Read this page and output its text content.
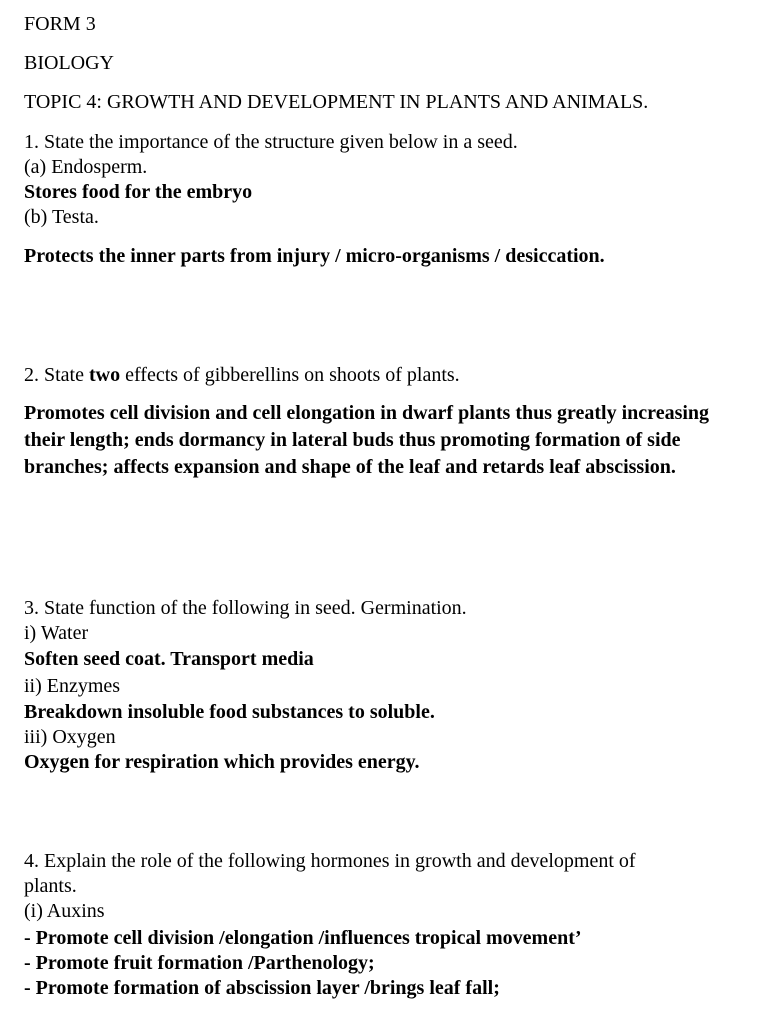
FORM 3
BIOLOGY
TOPIC 4: GROWTH AND DEVELOPMENT IN PLANTS AND ANIMALS.
1. State the importance of the structure given below in a seed.
(a) Endosperm.
Stores food for the embryo
(b) Testa.
Protects the inner parts from injury / micro-organisms / desiccation.
2. State two effects of gibberellins on shoots of plants.
Promotes cell division and cell elongation in dwarf plants thus greatly increasing their length; ends dormancy in lateral buds thus promoting formation of side branches; affects expansion and shape of the leaf and retards leaf abscission.
3. State function of the following in seed. Germination.
i) Water
Soften seed coat. Transport media
ii) Enzymes
Breakdown insoluble food substances to soluble.
iii) Oxygen
Oxygen for respiration which provides energy.
4. Explain the role of the following hormones in growth and development of
plants.
(i) Auxins
- Promote cell division /elongation /influences tropical movement’
- Promote fruit formation /Parthenology;
- Promote formation of abscission layer /brings leaf fall;
